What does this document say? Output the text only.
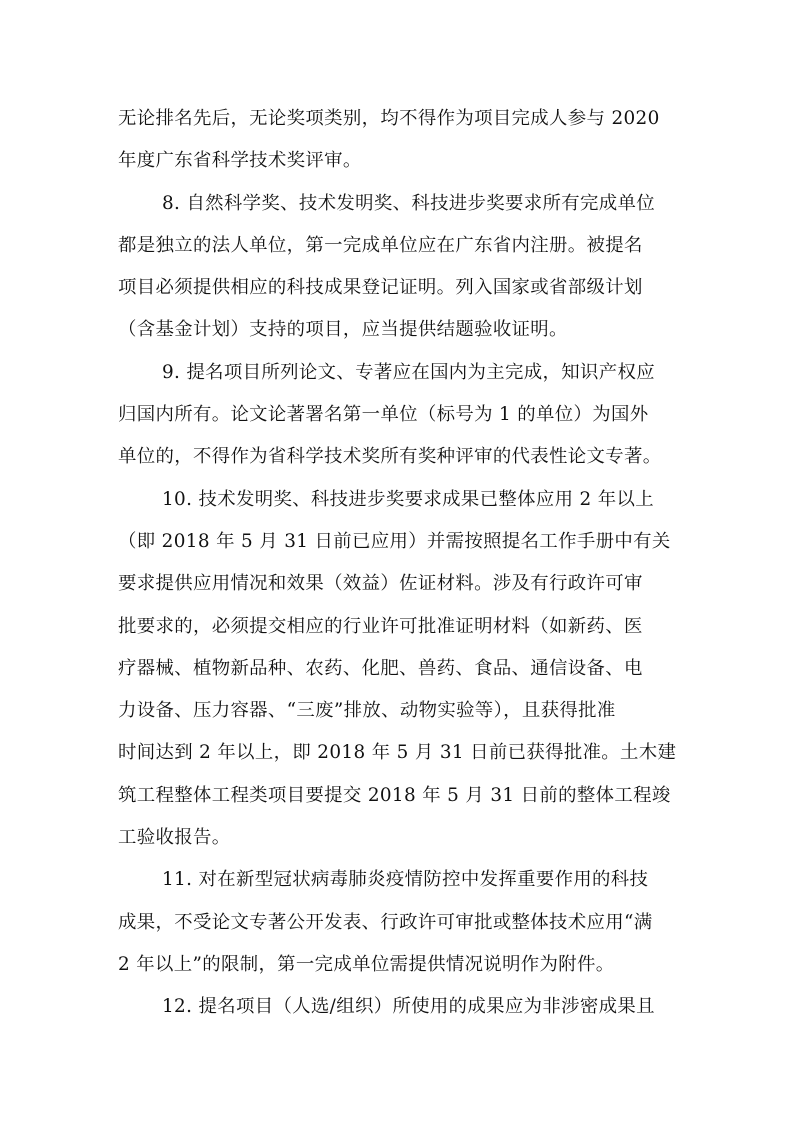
无论排名先后，无论奖项类别，均不得作为项目完成人参与 2020
年度广东省科学技术奖评审。
8. 自然科学奖、技术发明奖、科技进步奖要求所有完成单位
都是独立的法人单位，第一完成单位应在广东省内注册。被提名
项目必须提供相应的科技成果登记证明。列入国家或省部级计划
（含基金计划）支持的项目，应当提供结题验收证明。
9. 提名项目所列论文、专著应在国内为主完成，知识产权应
归国内所有。论文论著署名第一单位（标号为 1 的单位）为国外
单位的，不得作为省科学技术奖所有奖种评审的代表性论文专著。
10. 技术发明奖、科技进步奖要求成果已整体应用 2 年以上
（即 2018 年 5 月 31 日前已应用）并需按照提名工作手册中有关
要求提供应用情况和效果（效益）佐证材料。涉及有行政许可审
批要求的，必须提交相应的行业许可批准证明材料（如新药、医
疗器械、植物新品种、农药、化肥、兽药、食品、通信设备、电
力设备、压力容器、“三废”排放、动物实验等），且获得批准
时间达到 2 年以上，即 2018 年 5 月 31 日前已获得批准。土木建
筑工程整体工程类项目要提交 2018 年 5 月 31 日前的整体工程竣
工验收报告。
11. 对在新型冠状病毒肺炎疫情防控中发挥重要作用的科技
成果，不受论文专著公开发表、行政许可审批或整体技术应用“满
2 年以上”的限制，第一完成单位需提供情况说明作为附件。
12. 提名项目（人选/组织）所使用的成果应为非涉密成果且
